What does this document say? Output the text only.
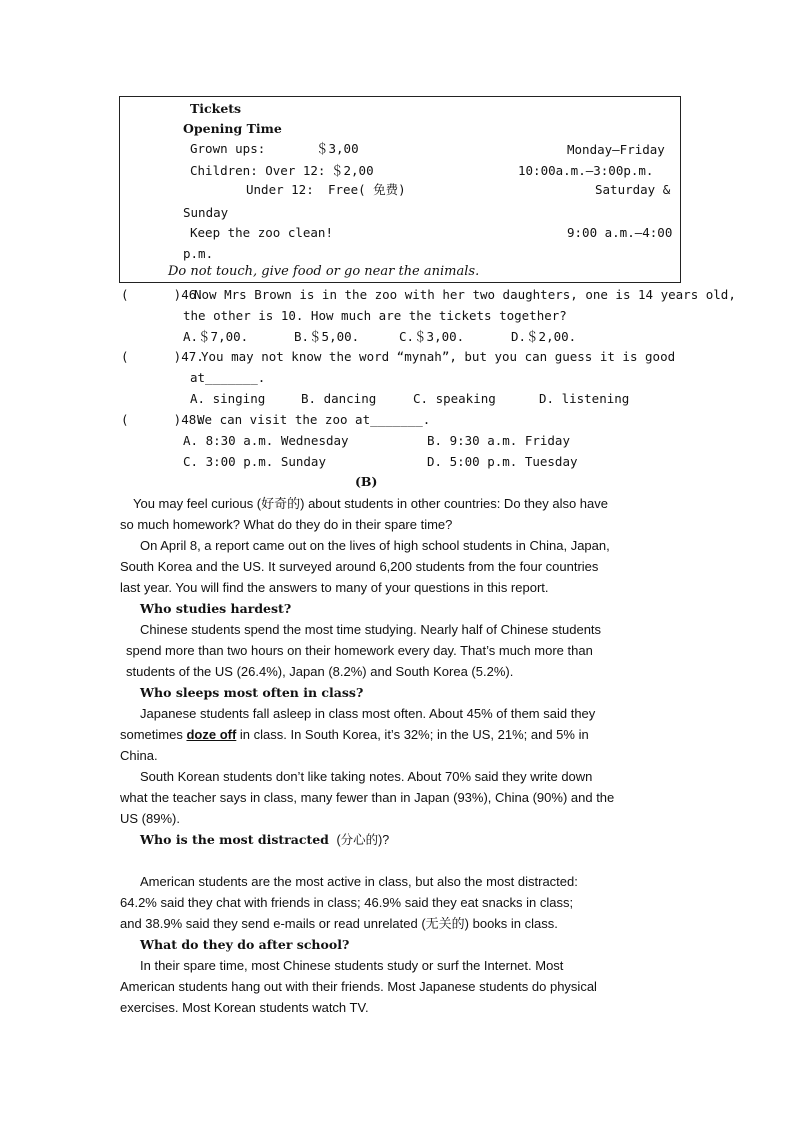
Tickets
Opening Time
Grown ups:	＄3,00	Monday—Friday
Children: Over 12: ＄2,00	10:00a.m.—3:00p.m.
Under 12: Free( 免费)	Saturday &
Sunday
Keep the zoo clean!	9:00 a.m.—4:00
p.m.
Do not touch, give food or go near the animals.
(      )46.
Now Mrs Brown is in the zoo with her two daughters, one is 14 years old,
the other is 10. How much are the tickets together?
A.＄7,00.	B.＄5,00.	C.＄3,00.	D.＄2,00.
(      )47.
You may not know the word “mynah”, but you can guess it is good
at_______.
A. singing	B. dancing	C. speaking	D. listening
(      )48.
We can visit the zoo at_______.
A. 8:30 a.m. Wednesday	B. 9:30 a.m. Friday
C. 3:00 p.m. Sunday	D. 5:00 p.m. Tuesday
(B)
You may feel curious (好奇的) about students in other countries: Do they also have
so much homework? What do they do in their spare time?
On April 8, a report came out on the lives of high school students in China, Japan,
South Korea and the US. It surveyed around 6,200 students from the four countries
last year. You will find the answers to many of your questions in this report.
Who studies hardest?
Chinese students spend the most time studying. Nearly half of Chinese students
spend more than two hours on their homework every day. That’s much more than
students of the US (26.4%), Japan (8.2%) and South Korea (5.2%).
Who sleeps most often in class?
Japanese students fall asleep in class most often. About 45% of them said they
sometimes doze off in class. In South Korea, it’s 32%; in the US, 21%; and 5% in
China.
South Korean students don’t like taking notes. About 70% said they write down
what the teacher says in class, many fewer than in Japan (93%), China (90%) and the
US (89%).
Who is the most distracted (分心的)?
American students are the most active in class, but also the most distracted:
64.2% said they chat with friends in class; 46.9% said they eat snacks in class;
and 38.9% said they send e-mails or read unrelated (无关的) books in class.
What do they do after school?
In their spare time, most Chinese students study or surf the Internet. Most
American students hang out with their friends. Most Japanese students do physical
exercises. Most Korean students watch TV.
